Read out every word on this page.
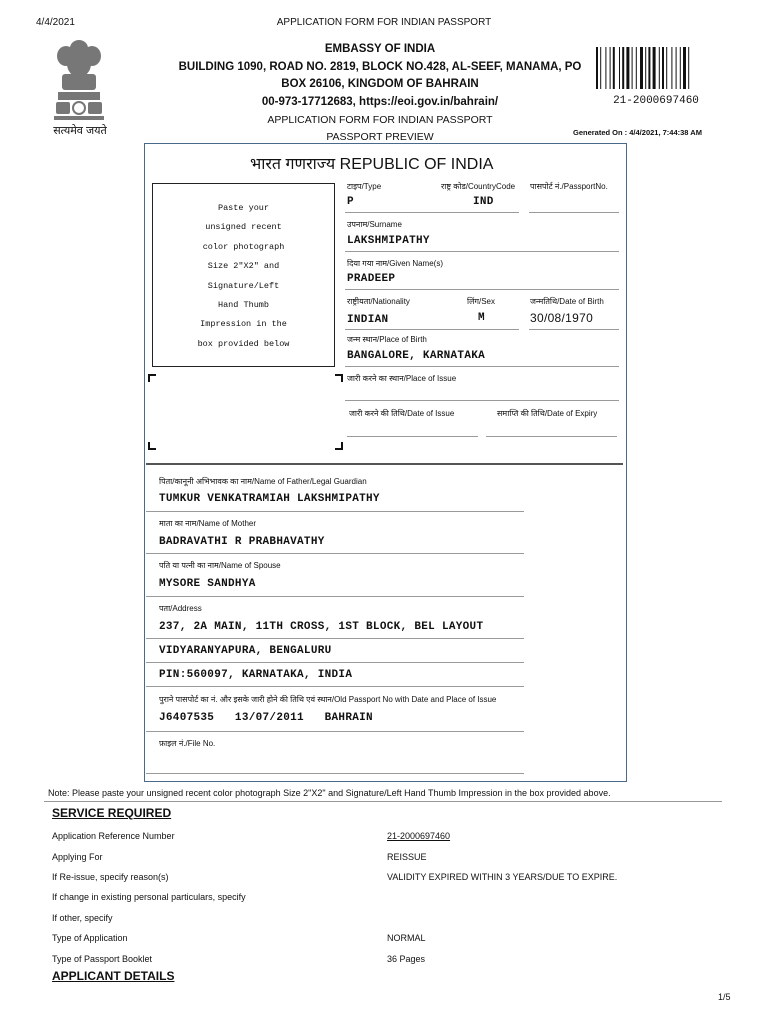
4/4/2021	APPLICATION FORM FOR INDIAN PASSPORT
सत्यमेव जयते
EMBASSY OF INDIA
BUILDING 1090, ROAD NO. 2819, BLOCK NO.428, AL-SEEF, MANAMA, PO
BOX 26106, KINGDOM OF BAHRAIN
00-973-17712683, https://eoi.gov.in/bahrain/
APPLICATION FORM FOR INDIAN PASSPORT
PASSPORT PREVIEW
21-2000697460
Generated On : 4/4/2021, 7:44:38 AM
भारत गणराज्य REPUBLIC OF INDIA
Paste your
unsigned recent
color photograph
Size 2"X2" and
Signature/Left
Hand Thumb
Impression in the
box provided below
टाइप/Type	राष्ट्र कोड/CountryCode पासपोर्ट नं./PassportNo.
P	IND
उपनाम/Surname
LAKSHMIPATHY
दिया गया नाम/Given Name(s)
PRADEEP
राष्ट्रीयता/Nationality	लिंग/Sex	जन्मतिथि/Date of Birth
INDIAN	M	30/08/1970
जन्म स्थान/Place of Birth
BANGALORE, KARNATAKA
जारी करने का स्थान/Place of Issue
जारी करने की तिथि/Date of Issue	समाप्ति की तिथि/Date of Expiry
पिता/कानूनी अभिभावक का नाम/Name of Father/Legal Guardian
TUMKUR VENKATRAMIAH LAKSHMIPATHY
माता का नाम/Name of Mother
BADRAVATHI R PRABHAVATHY
पति या पत्नी का नाम/Name of Spouse
MYSORE SANDHYA
पता/Address
237, 2A MAIN, 11TH CROSS, 1ST BLOCK, BEL LAYOUT
VIDYARANYAPURA, BENGALURU
PIN:560097, KARNATAKA, INDIA
पुराने पासपोर्ट का नं. और इसके जारी होने की तिथि एवं स्थान/Old Passport No with Date and Place of Issue
J6407535   13/07/2011   BAHRAIN
फ़ाइल नं./File No.
Note: Please paste your unsigned recent color photograph Size 2"X2" and Signature/Left Hand Thumb Impression in the box provided above.
SERVICE REQUIRED
Application Reference Number	21-2000697460
Applying For	REISSUE
If Re-issue, specify reason(s)	VALIDITY EXPIRED WITHIN 3 YEARS/DUE TO EXPIRE.
If change in existing personal particulars, specify
If other, specify
Type of Application	NORMAL
Type of Passport Booklet	36 Pages
APPLICANT DETAILS
1/5
